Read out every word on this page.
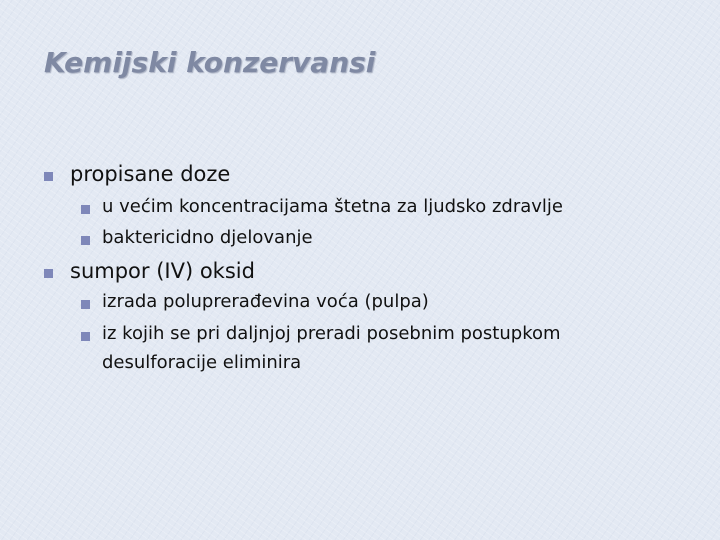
Kemijski konzervansi
propisane doze
u većim koncentracijama štetna za ljudsko zdravlje
baktericidno djelovanje
sumpor (IV) oksid
izrada poluprerađevina voća (pulpa)
iz kojih se pri daljnjoj preradi posebnim postupkom
desulforacije eliminira
